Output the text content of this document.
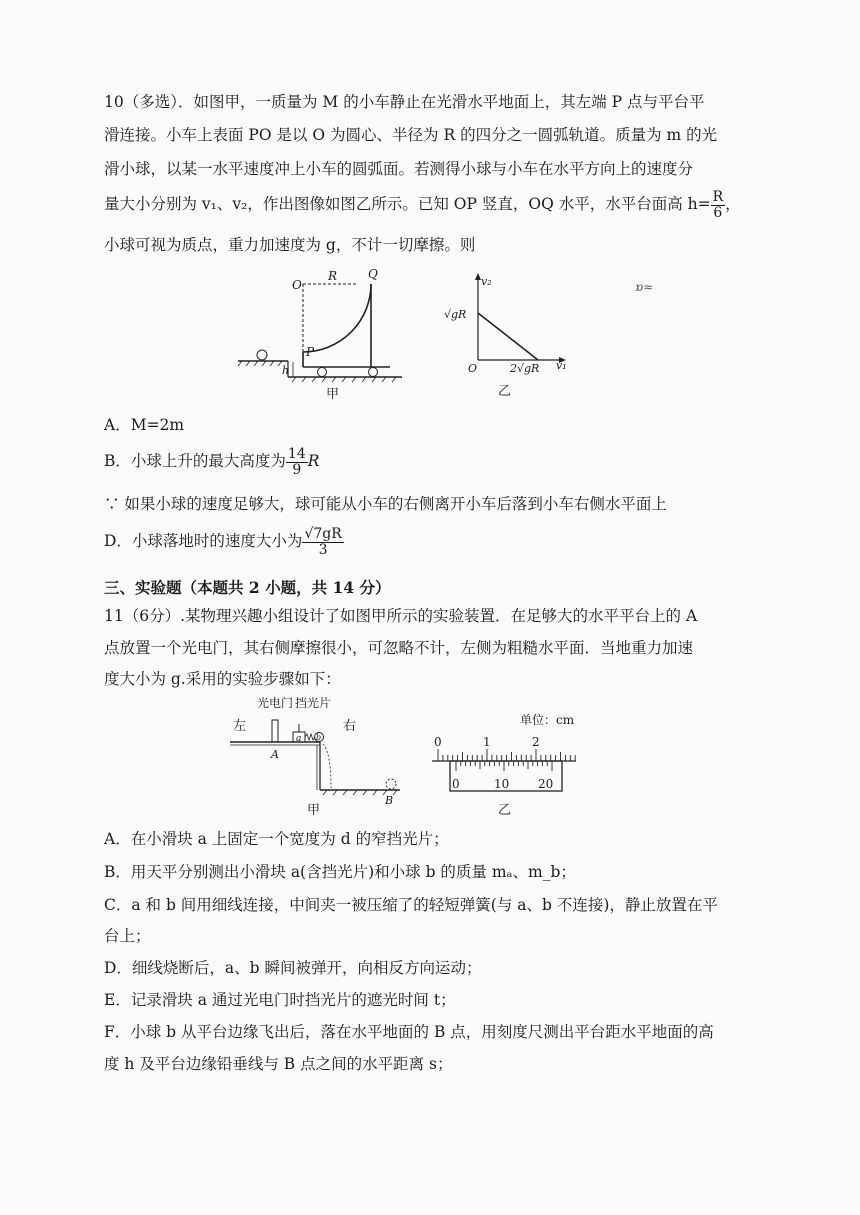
10（多选）．如图甲，一质量为 M 的小车静止在光滑水平地面上，其左端 P 点与平台平
滑连接。小车上表面 PO 是以 O 为圆心、半径为 R 的四分之一圆弧轨道。质量为 m 的光
滑小球，以某一水平速度冲上小车的圆弧面。若测得小球与小车在水平方向上的速度分
量大小分别为 v₁、v₂，作出图像如图乙所示。已知 OP 竖直，OQ 水平，水平台面高 $h= \frac{R}{6}$ ，
小球可视为质点，重力加速度为 g，不计一切摩擦。则
O
R	Q
P
h
甲
v₂
√gR
O	2√gR v₁
乙
ɒ≈
A．M=2m
B．小球上升的最大高度为 $\frac{14}{9}$ R
∵ 如果小球的速度足够大，球可能从小车的右侧离开小车后落到小车右侧水平面上
D．小球落地时的速度大小为 $\frac{√7gR}{3}$
三、实验题（本题共 2 小题，共 14 分）
11（6分）.某物理兴趣小组设计了如图甲所示的实验装置．在足够大的水平平台上的 A
点放置一个光电门，其右侧摩擦很小，可忽略不计，左侧为粗糙水平面．当地重力加速
度大小为 g.采用的实验步骤如下：
光电门 挡光片
左	右
A
a b
B
甲
单位：cm
0	1	2
0	10 20
乙
A．在小滑块 a 上固定一个宽度为 d 的窄挡光片；
B．用天平分别测出小滑块 a(含挡光片)和小球 b 的质量 mₐ、m_b；
C．a 和 b 间用细线连接，中间夹一被压缩了的轻短弹簧(与 a、b 不连接)，静止放置在平
台上；
D．细线烧断后，a、b 瞬间被弹开，向相反方向运动；
E．记录滑块 a 通过光电门时挡光片的遮光时间 t；
F．小球 b 从平台边缘飞出后，落在水平地面的 B 点，用刻度尺测出平台距水平地面的高
度 h 及平台边缘铅垂线与 B 点之间的水平距离 s；
